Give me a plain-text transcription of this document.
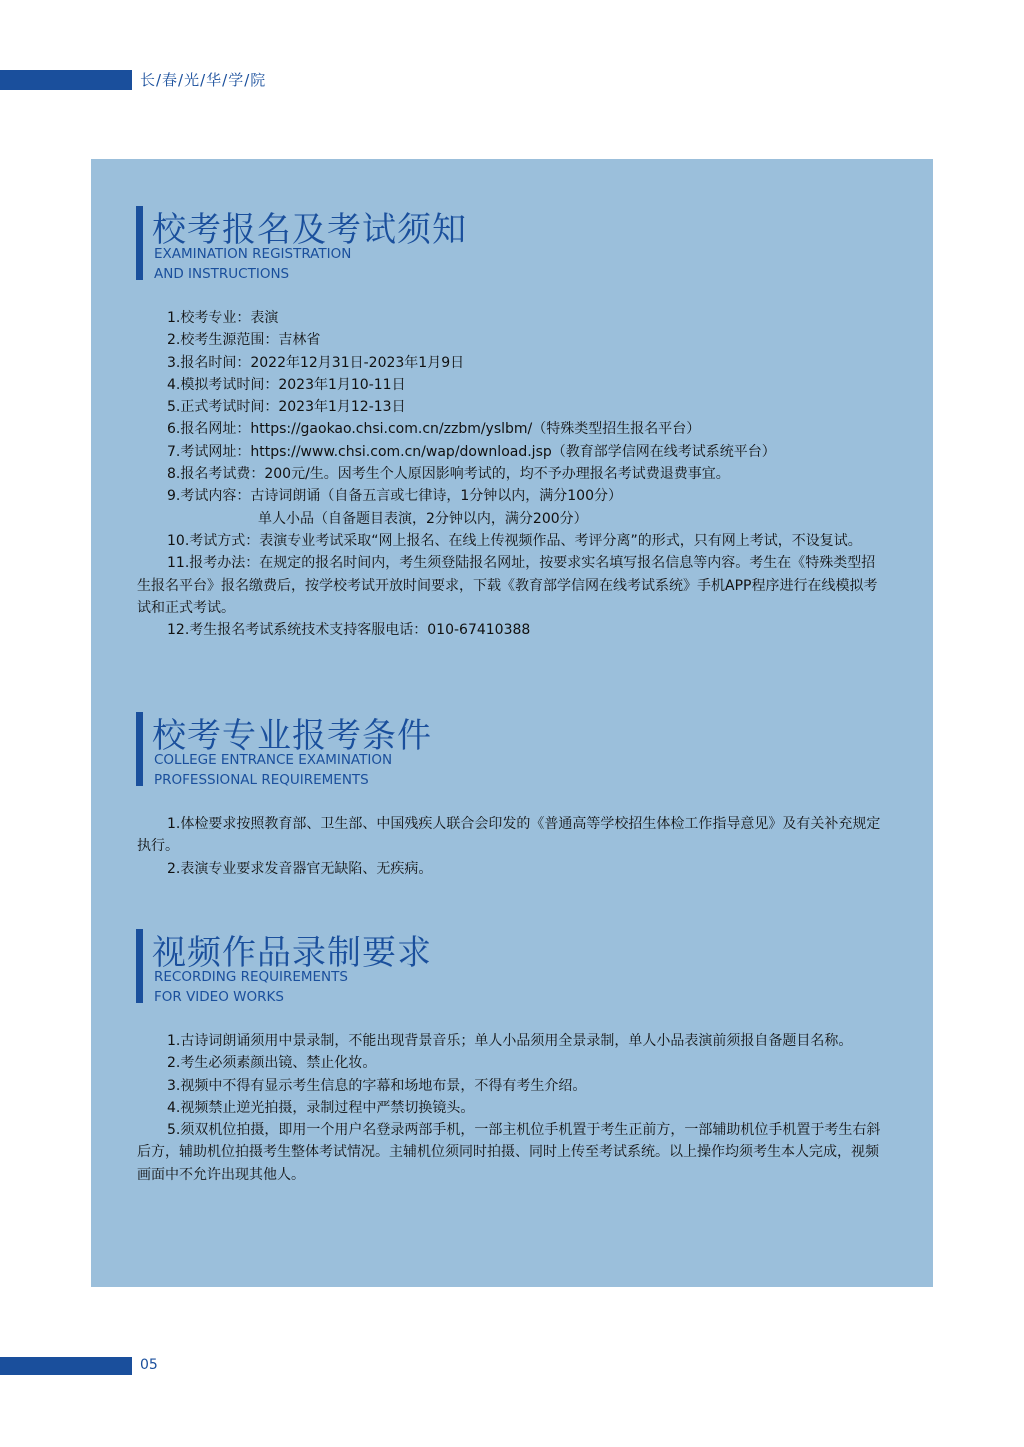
长/春/光/华/学/院
校考报名及考试须知
EXAMINATION REGISTRATION
AND INSTRUCTIONS

1.校考专业：表演

2.校考生源范围：吉林省

3.报名时间：2022年12月31日-2023年1月9日

4.模拟考试时间：2023年1月10-11日

5.正式考试时间：2023年1月12-13日

6.报名网址：https://gaokao.chsi.com.cn/zzbm/yslbm/（特殊类型招生报名平台）

7.考试网址：https://www.chsi.com.cn/wap/download.jsp（教育部学信网在线考试系统平台）

8.报名考试费：200元/生。因考生个人原因影响考试的，均不予办理报名考试费退费事宜。

9.考试内容：古诗词朗诵（自备五言或七律诗，1分钟以内，满分100分）

单人小品（自备题目表演，2分钟以内，满分200分）

10.考试方式：表演专业考试采取“网上报名、在线上传视频作品、考评分离”的形式，只有网上考试，不设复试。

11.报考办法：在规定的报名时间内，考生须登陆报名网址，按要求实名填写报名信息等内容。考生在《特殊类型招生报名平台》报名缴费后，按学校考试开放时间要求，下载《教育部学信网在线考试系统》手机APP程序进行在线模拟考试和正式考试。

12.考生报名考试系统技术支持客服电话：010-67410388

校考专业报考条件
COLLEGE ENTRANCE EXAMINATION
PROFESSIONAL REQUIREMENTS

1.体检要求按照教育部、卫生部、中国残疾人联合会印发的《普通高等学校招生体检工作指导意见》及有关补充规定执行。

2.表演专业要求发音器官无缺陷、无疾病。

视频作品录制要求
RECORDING REQUIREMENTS
FOR VIDEO WORKS

1.古诗词朗诵须用中景录制，不能出现背景音乐；单人小品须用全景录制，单人小品表演前须报自备题目名称。

2.考生必须素颜出镜、禁止化妆。

3.视频中不得有显示考生信息的字幕和场地布景，不得有考生介绍。

4.视频禁止逆光拍摄，录制过程中严禁切换镜头。

5.须双机位拍摄，即用一个用户名登录两部手机，一部主机位手机置于考生正前方，一部辅助机位手机置于考生右斜后方，辅助机位拍摄考生整体考试情况。主辅机位须同时拍摄、同时上传至考试系统。以上操作均须考生本人完成，视频画面中不允许出现其他人。

05
